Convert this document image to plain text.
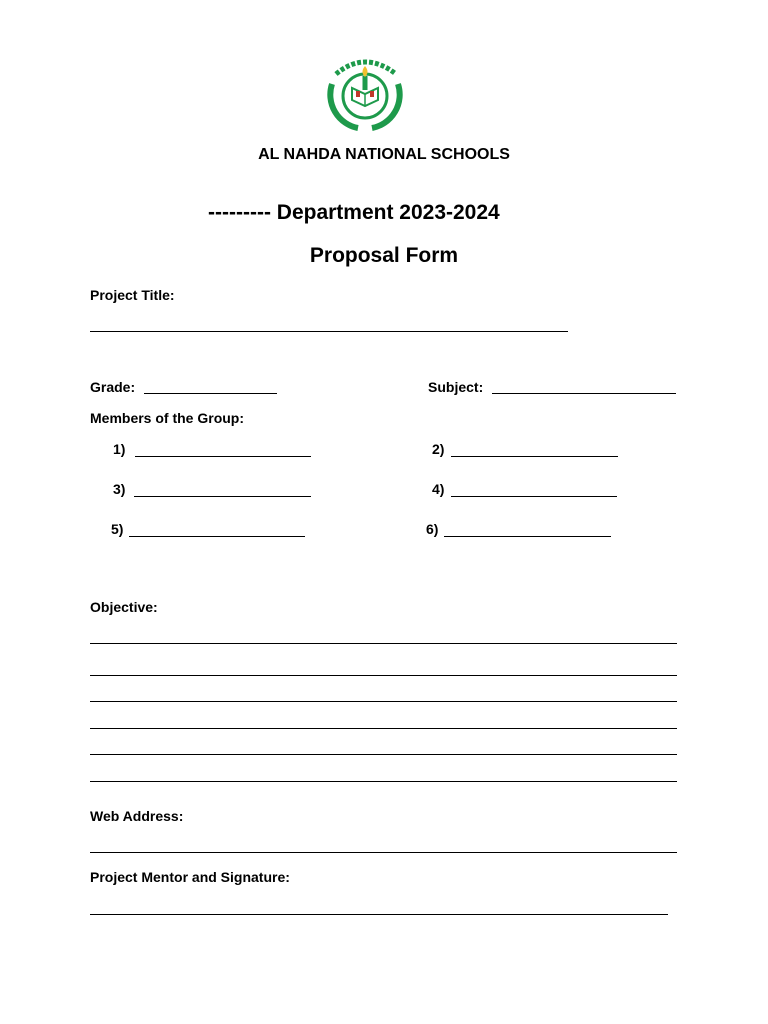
AL NAHDA NATIONAL SCHOOLS
--------- Department 2023-2024
Proposal Form
Project Title:
Grade:	Subject:
Members of the Group:
1)	2)
3)	4)
5)	6)
Objective:
Web Address:
Project Mentor and Signature:
